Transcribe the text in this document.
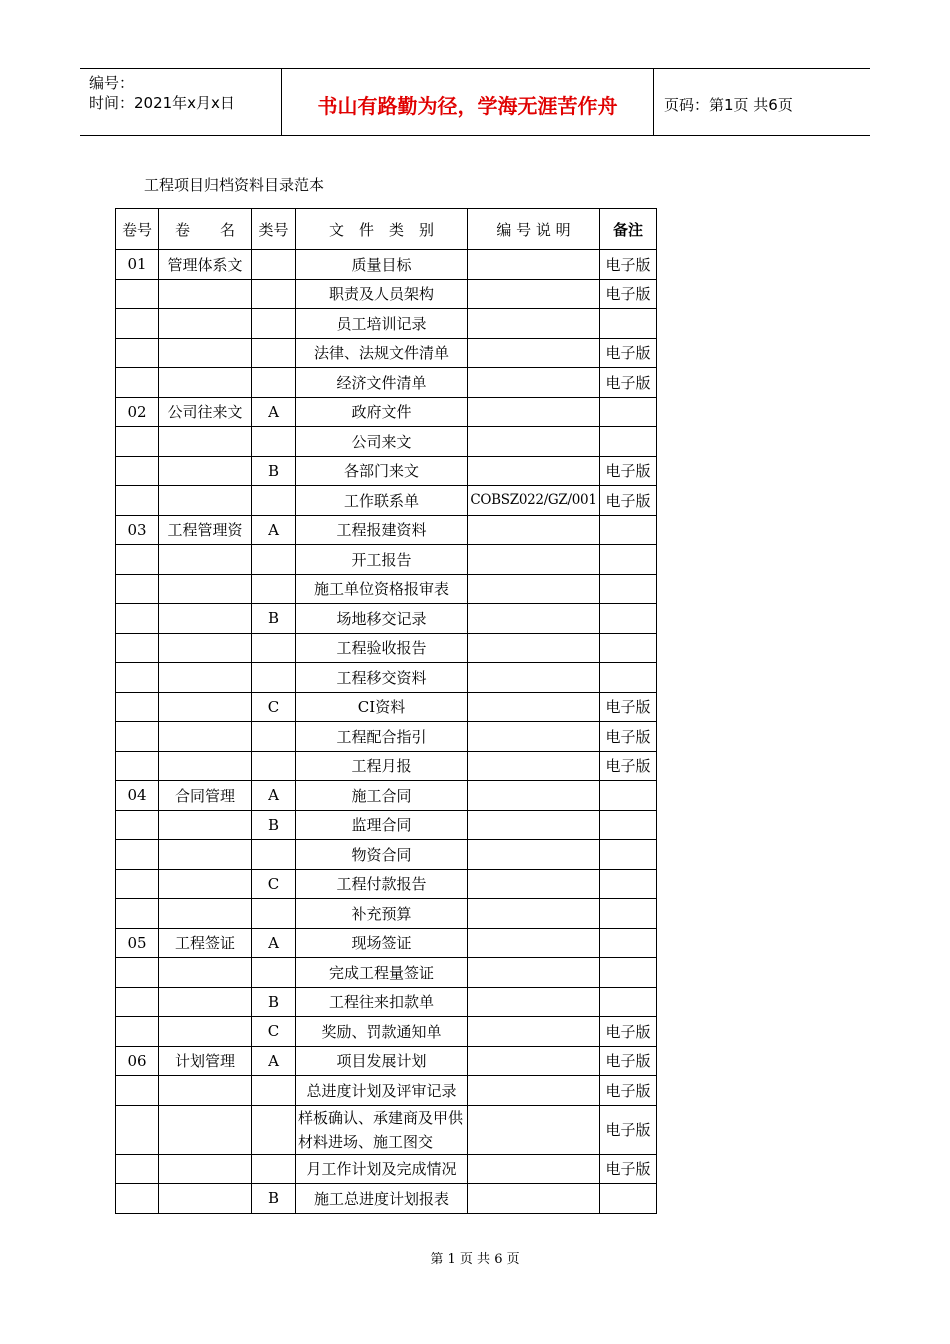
编号：
时间：2021年x月x日	书山有路勤为径，学海无涯苦作舟	页码：第1页 共6页
工程项目归档资料目录范本
卷号	卷　　名	类号	文　件　类　别	编 号 说 明	备注
01	管理体系文		质量目标		电子版
			职责及人员架构		电子版
			员工培训记录		
			法律、法规文件清单		电子版
			经济文件清单		电子版
02	公司往来文	A	政府文件		
			公司来文		
		B	各部门来文		电子版
			工作联系单	COBSZ022/GZ/001	电子版
03	工程管理资	A	工程报建资料		
			开工报告		
			施工单位资格报审表		
		B	场地移交记录		
			工程验收报告		
			工程移交资料		
		C	CI资料		电子版
			工程配合指引		电子版
			工程月报		电子版
04	合同管理	A	施工合同		
		B	监理合同		
			物资合同		
		C	工程付款报告		
			补充预算		
05	工程签证	A	现场签证		
			完成工程量签证		
		B	工程往来扣款单		
		C	奖励、罚款通知单		电子版
06	计划管理	A	项目发展计划		电子版
			总进度计划及评审记录		电子版
			样板确认、承建商及甲供材料进场、施工图交		电子版
			月工作计划及完成情况		电子版
		B	施工总进度计划报表		
第 1 页 共 6 页
